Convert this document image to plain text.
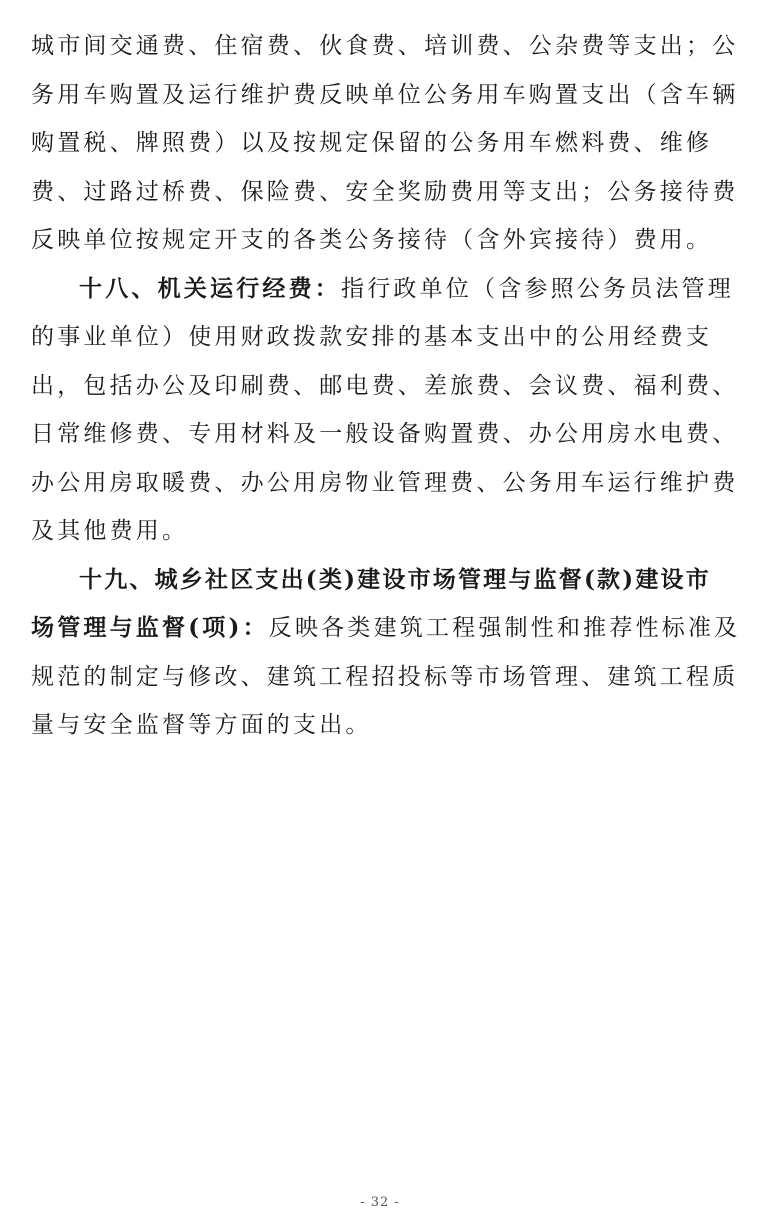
城市间交通费、住宿费、伙食费、培训费、公杂费等支出；公
务用车购置及运行维护费反映单位公务用车购置支出（含车辆
购置税、牌照费）以及按规定保留的公务用车燃料费、维修
费、过路过桥费、保险费、安全奖励费用等支出；公务接待费
反映单位按规定开支的各类公务接待（含外宾接待）费用。
十八、机关运行经费：指行政单位（含参照公务员法管理
的事业单位）使用财政拨款安排的基本支出中的公用经费支
出，包括办公及印刷费、邮电费、差旅费、会议费、福利费、
日常维修费、专用材料及一般设备购置费、办公用房水电费、
办公用房取暖费、办公用房物业管理费、公务用车运行维护费
及其他费用。
十九、城乡社区支出(类)建设市场管理与监督(款)建设市
场管理与监督(项)：反映各类建筑工程强制性和推荐性标准及
规范的制定与修改、建筑工程招投标等市场管理、建筑工程质
量与安全监督等方面的支出。
- 32 -
